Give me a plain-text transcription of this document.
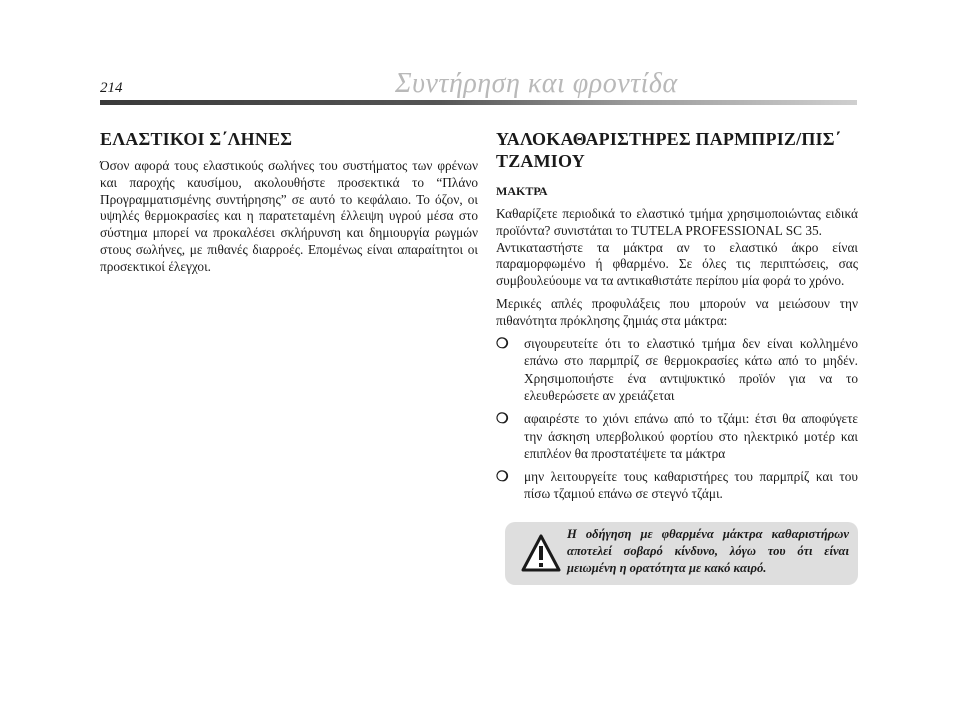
214	Συντήρηση και φροντίδα
ΕΛΑΣΤΙΚΟΙ Σ΄ΛΗΝΕΣ

Όσον αφορά τους ελαστικούς σωλήνες του συστήματος των φρένων και παροχής καυσίμου, ακολουθήστε προσεκτικά το “Πλάνο Προγραμματισμένης συντήρησης” σε αυτό το κεφάλαιο. Το όζον, οι υψηλές θερμοκρασίες και η παρατεταμένη έλλειψη υγρού μέσα στο σύστημα μπορεί να προκαλέσει σκλήρυνση και δημιουργία ρωγμών στους σωλήνες, με πιθανές διαρροές. Επομένως είναι απαραίτητοι οι προσεκτικοί έλεγχοι.

ΥΑΛΟΚΑΘΑΡΙΣΤΗΡΕΣ ΠΑΡΜΠΡΙΖ/ΠΙΣ΄ ΤΖΑΜΙΟΥ
ΜΑΚΤΡΑ

Καθαρίζετε περιοδικά το ελαστικό τμήμα χρησιμοποιώντας ειδικά προϊόντα? συνιστάται το TUTELA PROFESSIONAL SC 35.

Αντικαταστήστε τα μάκτρα αν το ελαστικό άκρο είναι παραμορφωμένο ή φθαρμένο. Σε όλες τις περιπτώσεις, σας συμβουλεύουμε να τα αντικαθιστάτε περίπου μία φορά το χρόνο.

Μερικές απλές προφυλάξεις που μπορούν να μειώσουν την πιθανότητα πρόκλησης ζημιάς στα μάκτρα:

❍ σιγουρευτείτε ότι το ελαστικό τμήμα δεν είναι κολλημένο επάνω στο παρμπρίζ σε θερμοκρασίες κάτω από το μηδέν. Χρησιμοποιήστε ένα αντιψυκτικό προϊόν για να το ελευθερώσετε αν χρειάζεται
❍ αφαιρέστε το χιόνι επάνω από το τζάμι: έτσι θα αποφύγετε την άσκηση υπερβολικού φορτίου στο ηλεκτρικό μοτέρ και επιπλέον θα προστατέψετε τα μάκτρα
❍ μην λειτουργείτε τους καθαριστήρες του παρμπρίζ και του πίσω τζαμιού επάνω σε στεγνό τζάμι.
Η οδήγηση με φθαρμένα μάκτρα καθαριστήρων αποτελεί σοβαρό κίνδυνο, λόγω του ότι είναι μειωμένη η ορατότητα με κακό καιρό.
